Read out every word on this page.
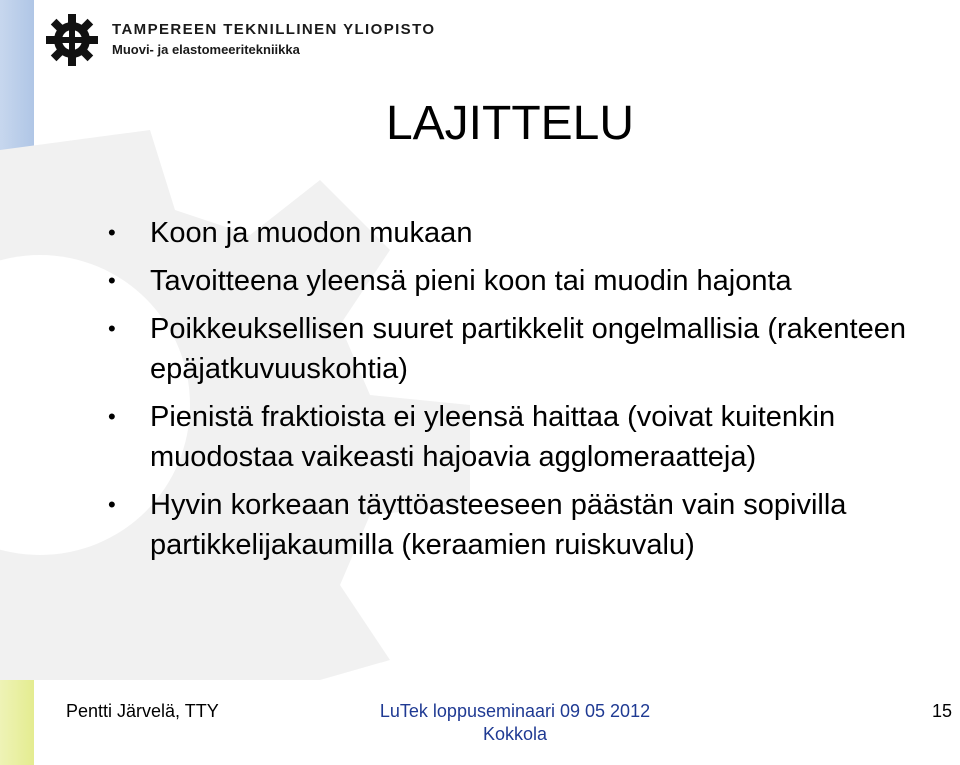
TAMPEREEN TEKNILLINEN YLIOPISTO
Muovi- ja elastomeeritekniikka
LAJITTELU
• Koon ja muodon mukaan
• Tavoitteena yleensä pieni koon tai muodin hajonta
• Poikkeuksellisen suuret partikkelit ongelmallisia (rakenteen epäjatkuvuuskohtia)
• Pienistä fraktioista ei yleensä haittaa (voivat kuitenkin muodostaa vaikeasti hajoavia agglomeraatteja)
• Hyvin korkeaan täyttöasteeseen päästän vain sopivilla partikkelijakaumilla (keraamien ruiskuvalu)
Pentti Järvelä, TTY	LuTek loppuseminaari 09 05 2012
Kokkola
15
